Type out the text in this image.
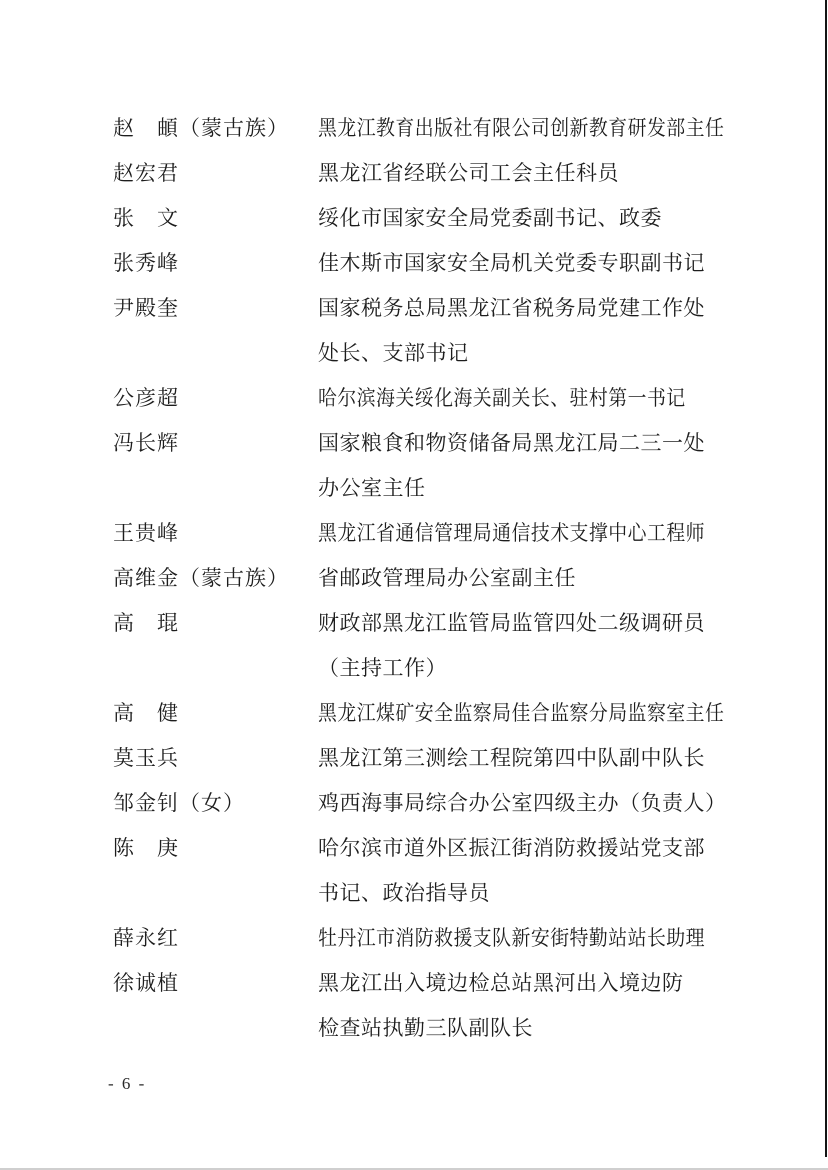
赵　頔（蒙古族）	黑龙江教育出版社有限公司创新教育研发部主任
赵宏君	黑龙江省经联公司工会主任科员
张　文	绥化市国家安全局党委副书记、政委
张秀峰	佳木斯市国家安全局机关党委专职副书记
尹殿奎	国家税务总局黑龙江省税务局党建工作处
处长、支部书记
公彦超	哈尔滨海关绥化海关副关长、驻村第一书记
冯长辉	国家粮食和物资储备局黑龙江局二三一处
办公室主任
王贵峰	黑龙江省通信管理局通信技术支撑中心工程师
高维金（蒙古族）	省邮政管理局办公室副主任
高　琨	财政部黑龙江监管局监管四处二级调研员
（主持工作）
高　健	黑龙江煤矿安全监察局佳合监察分局监察室主任
莫玉兵	黑龙江第三测绘工程院第四中队副中队长
邹金钊（女）	鸡西海事局综合办公室四级主办（负责人）
陈　庚	哈尔滨市道外区振江街消防救援站党支部
书记、政治指导员
薛永红	牡丹江市消防救援支队新安街特勤站站长助理
徐诚植	黑龙江出入境边检总站黑河出入境边防
检查站执勤三队副队长
- 6 -
